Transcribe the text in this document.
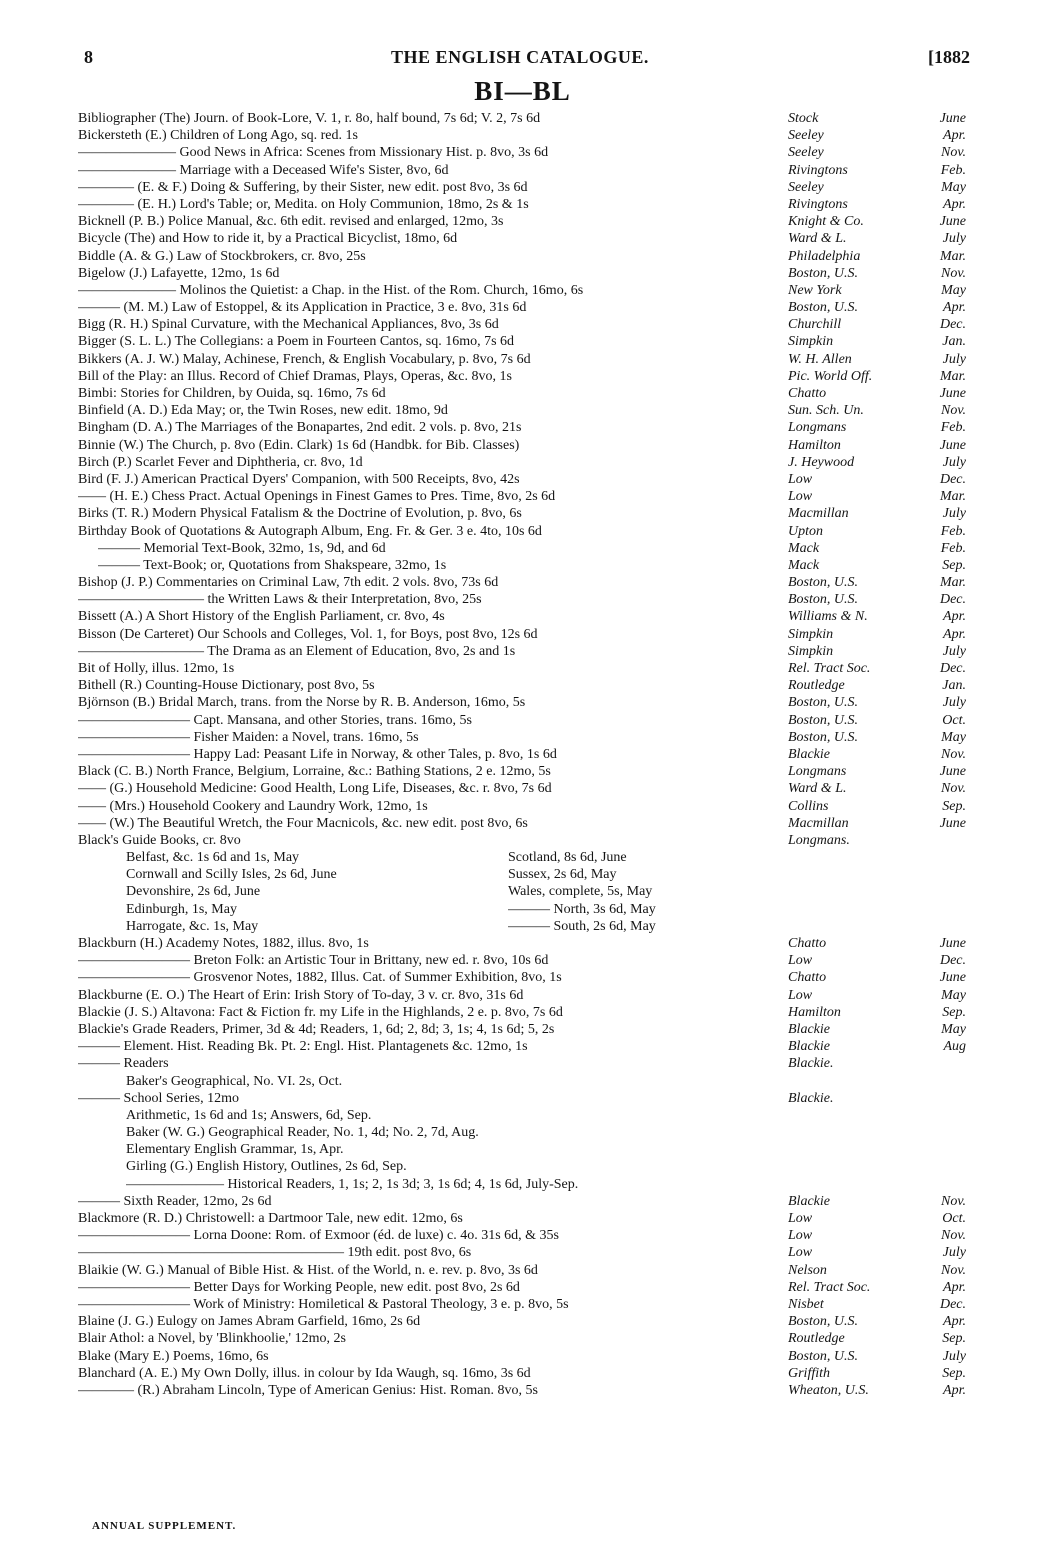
8	THE ENGLISH CATALOGUE.	[1882
BI—BL
Bibliographer (The) Journ. of Book-Lore, V. 1, r. 8o, half bound, 7s 6d; V. 2, 7s 6d	Stock	June
Bickersteth (E.) Children of Long Ago, sq. red. 1s	Seeley	Apr.
——————— Good News in Africa: Scenes from Missionary Hist. p. 8vo, 3s 6d	Seeley	Nov.
——————— Marriage with a Deceased Wife's Sister, 8vo, 6d	Rivingtons	Feb.
———— (E. & F.) Doing & Suffering, by their Sister, new edit. post 8vo, 3s 6d	Seeley	May
———— (E. H.) Lord's Table; or, Medita. on Holy Communion, 18mo, 2s & 1s	Rivingtons	Apr.
Bicknell (P. B.) Police Manual, &c. 6th edit. revised and enlarged, 12mo, 3s	Knight & Co.	June
Bicycle (The) and How to ride it, by a Practical Bicyclist, 18mo, 6d	Ward & L.	July
Biddle (A. & G.) Law of Stockbrokers, cr. 8vo, 25s	Philadelphia	Mar.
Bigelow (J.) Lafayette, 12mo, 1s 6d	Boston, U.S.	Nov.
——————— Molinos the Quietist: a Chap. in the Hist. of the Rom. Church, 16mo, 6s	New York	May
——— (M. M.) Law of Estoppel, & its Application in Practice, 3 e. 8vo, 31s 6d	Boston, U.S.	Apr.
Bigg (R. H.) Spinal Curvature, with the Mechanical Appliances, 8vo, 3s 6d	Churchill	Dec.
Bigger (S. L. L.) The Collegians: a Poem in Fourteen Cantos, sq. 16mo, 7s 6d	Simpkin	Jan.
Bikkers (A. J. W.) Malay, Achinese, French, & English Vocabulary, p. 8vo, 7s 6d	W. H. Allen	July
Bill of the Play: an Illus. Record of Chief Dramas, Plays, Operas, &c. 8vo, 1s	Pic. World Off.	Mar.
Bimbi: Stories for Children, by Ouida, sq. 16mo, 7s 6d	Chatto	June
Binfield (A. D.) Eda May; or, the Twin Roses, new edit. 18mo, 9d	Sun. Sch. Un.	Nov.
Bingham (D. A.) The Marriages of the Bonapartes, 2nd edit. 2 vols. p. 8vo, 21s	Longmans	Feb.
Binnie (W.) The Church, p. 8vo (Edin. Clark) 1s 6d (Handbk. for Bib. Classes)	Hamilton	June
Birch (P.) Scarlet Fever and Diphtheria, cr. 8vo, 1d	J. Heywood	July
Bird (F. J.) American Practical Dyers' Companion, with 500 Receipts, 8vo, 42s	Low	Dec.
—— (H. E.) Chess Pract. Actual Openings in Finest Games to Pres. Time, 8vo, 2s 6d	Low	Mar.
Birks (T. R.) Modern Physical Fatalism & the Doctrine of Evolution, p. 8vo, 6s	Macmillan	July
Birthday Book of Quotations & Autograph Album, Eng. Fr. & Ger. 3 e. 4to, 10s 6d	Upton	Feb.
——— Memorial Text-Book, 32mo, 1s, 9d, and 6d	Mack	Feb.
——— Text-Book; or, Quotations from Shakspeare, 32mo, 1s	Mack	Sep.
Bishop (J. P.) Commentaries on Criminal Law, 7th edit. 2 vols. 8vo, 73s 6d	Boston, U.S.	Mar.
————————— the Written Laws & their Interpretation, 8vo, 25s	Boston, U.S.	Dec.
Bissett (A.) A Short History of the English Parliament, cr. 8vo, 4s	Williams & N.	Apr.
Bisson (De Carteret) Our Schools and Colleges, Vol. 1, for Boys, post 8vo, 12s 6d	Simpkin	Apr.
————————— The Drama as an Element of Education, 8vo, 2s and 1s	Simpkin	July
Bit of Holly, illus. 12mo, 1s	Rel. Tract Soc.	Dec.
Bithell (R.) Counting-House Dictionary, post 8vo, 5s	Routledge	Jan.
Björnson (B.) Bridal March, trans. from the Norse by R. B. Anderson, 16mo, 5s	Boston, U.S.	July
———————— Capt. Mansana, and other Stories, trans. 16mo, 5s	Boston, U.S.	Oct.
———————— Fisher Maiden: a Novel, trans. 16mo, 5s	Boston, U.S.	May
———————— Happy Lad: Peasant Life in Norway, & other Tales, p. 8vo, 1s 6d	Blackie	Nov.
Black (C. B.) North France, Belgium, Lorraine, &c.: Bathing Stations, 2 e. 12mo, 5s	Longmans	June
—— (G.) Household Medicine: Good Health, Long Life, Diseases, &c. r. 8vo, 7s 6d	Ward & L.	Nov.
—— (Mrs.) Household Cookery and Laundry Work, 12mo, 1s	Collins	Sep.
—— (W.) The Beautiful Wretch, the Four Macnicols, &c. new edit. post 8vo, 6s	Macmillan	June
Black's Guide Books, cr. 8vo	Longmans.
Belfast, &c. 1s 6d and 1s, May	Scotland, 8s 6d, June
Cornwall and Scilly Isles, 2s 6d, June	Sussex, 2s 6d, May
Devonshire, 2s 6d, June	Wales, complete, 5s, May
Edinburgh, 1s, May	——— North, 3s 6d, May
Harrogate, &c. 1s, May	——— South, 2s 6d, May
Blackburn (H.) Academy Notes, 1882, illus. 8vo, 1s	Chatto	June
———————— Breton Folk: an Artistic Tour in Brittany, new ed. r. 8vo, 10s 6d	Low	Dec.
———————— Grosvenor Notes, 1882, Illus. Cat. of Summer Exhibition, 8vo, 1s	Chatto	June
Blackburne (E. O.) The Heart of Erin: Irish Story of To-day, 3 v. cr. 8vo, 31s 6d	Low	May
Blackie (J. S.) Altavona: Fact & Fiction fr. my Life in the Highlands, 2 e. p. 8vo, 7s 6d	Hamilton	Sep.
Blackie's Grade Readers, Primer, 3d & 4d; Readers, 1, 6d; 2, 8d; 3, 1s; 4, 1s 6d; 5, 2s	Blackie	May
——— Element. Hist. Reading Bk. Pt. 2: Engl. Hist. Plantagenets &c. 12mo, 1s	Blackie	Aug
——— Readers	Blackie.
Baker's Geographical, No. VI. 2s, Oct.
——— School Series, 12mo	Blackie.
Arithmetic, 1s 6d and 1s; Answers, 6d, Sep.
Baker (W. G.) Geographical Reader, No. 1, 4d; No. 2, 7d, Aug.
Elementary English Grammar, 1s, Apr.
Girling (G.) English History, Outlines, 2s 6d, Sep.
——————— Historical Readers, 1, 1s; 2, 1s 3d; 3, 1s 6d; 4, 1s 6d, July-Sep.
——— Sixth Reader, 12mo, 2s 6d	Blackie	Nov.
Blackmore (R. D.) Christowell: a Dartmoor Tale, new edit. 12mo, 6s	Low	Oct.
———————— Lorna Doone: Rom. of Exmoor (éd. de luxe) c. 4o. 31s 6d, & 35s	Low	Nov.
——————————————————— 19th edit. post 8vo, 6s	Low	July
Blaikie (W. G.) Manual of Bible Hist. & Hist. of the World, n. e. rev. p. 8vo, 3s 6d	Nelson	Nov.
———————— Better Days for Working People, new edit. post 8vo, 2s 6d	Rel. Tract Soc.	Apr.
———————— Work of Ministry: Homiletical & Pastoral Theology, 3 e. p. 8vo, 5s	Nisbet	Dec.
Blaine (J. G.) Eulogy on James Abram Garfield, 16mo, 2s 6d	Boston, U.S.	Apr.
Blair Athol: a Novel, by 'Blinkhoolie,' 12mo, 2s	Routledge	Sep.
Blake (Mary E.) Poems, 16mo, 6s	Boston, U.S.	July
Blanchard (A. E.) My Own Dolly, illus. in colour by Ida Waugh, sq. 16mo, 3s 6d	Griffith	Sep.
———— (R.) Abraham Lincoln, Type of American Genius: Hist. Roman. 8vo, 5s	Wheaton, U.S.	Apr.
ANNUAL SUPPLEMENT.
